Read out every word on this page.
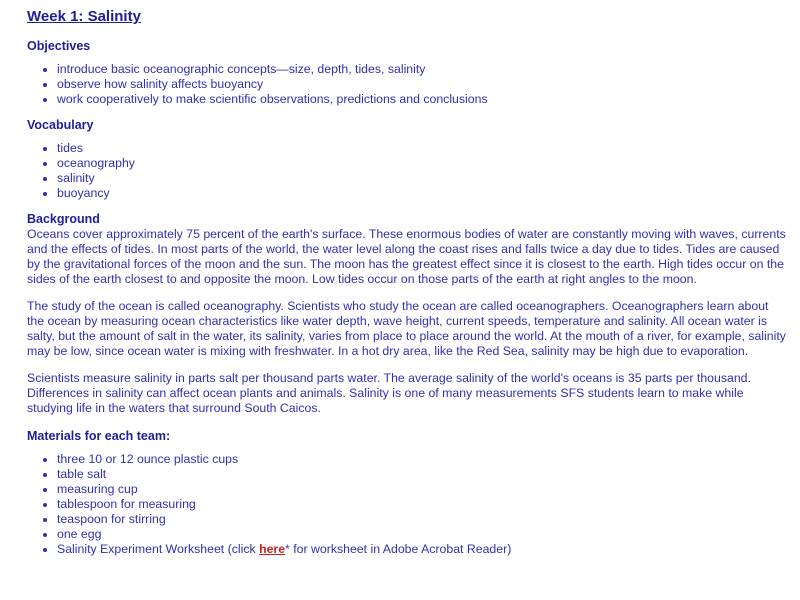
Week 1: Salinity
Objectives
• introduce basic oceanographic concepts—size, depth, tides, salinity
• observe how salinity affects buoyancy
• work cooperatively to make scientific observations, predictions and conclusions
Vocabulary
• tides
• oceanography
• salinity
• buoyancy
Background

Oceans cover approximately 75 percent of the earth's surface. These enormous bodies of water are constantly moving with waves, currents and the effects of tides. In most parts of the world, the water level along the coast rises and falls twice a day due to tides. Tides are caused by the gravitational forces of the moon and the sun. The moon has the greatest effect since it is closest to the earth. High tides occur on the sides of the earth closest to and opposite the moon. Low tides occur on those parts of the earth at right angles to the moon.

The study of the ocean is called oceanography. Scientists who study the ocean are called oceanographers. Oceanographers learn about the ocean by measuring ocean characteristics like water depth, wave height, current speeds, temperature and salinity. All ocean water is salty, but the amount of salt in the water, its salinity, varies from place to place around the world. At the mouth of a river, for example, salinity may be low, since ocean water is mixing with freshwater. In a hot dry area, like the Red Sea, salinity may be high due to evaporation.

Scientists measure salinity in parts salt per thousand parts water. The average salinity of the world's oceans is 35 parts per thousand. Differences in salinity can affect ocean plants and animals. Salinity is one of many measurements SFS students learn to make while studying life in the waters that surround South Caicos.

Materials for each team:
• three 10 or 12 ounce plastic cups
• table salt
• measuring cup
• tablespoon for measuring
• teaspoon for stirring
• one egg
• Salinity Experiment Worksheet (click here* for worksheet in Adobe Acrobat Reader)
